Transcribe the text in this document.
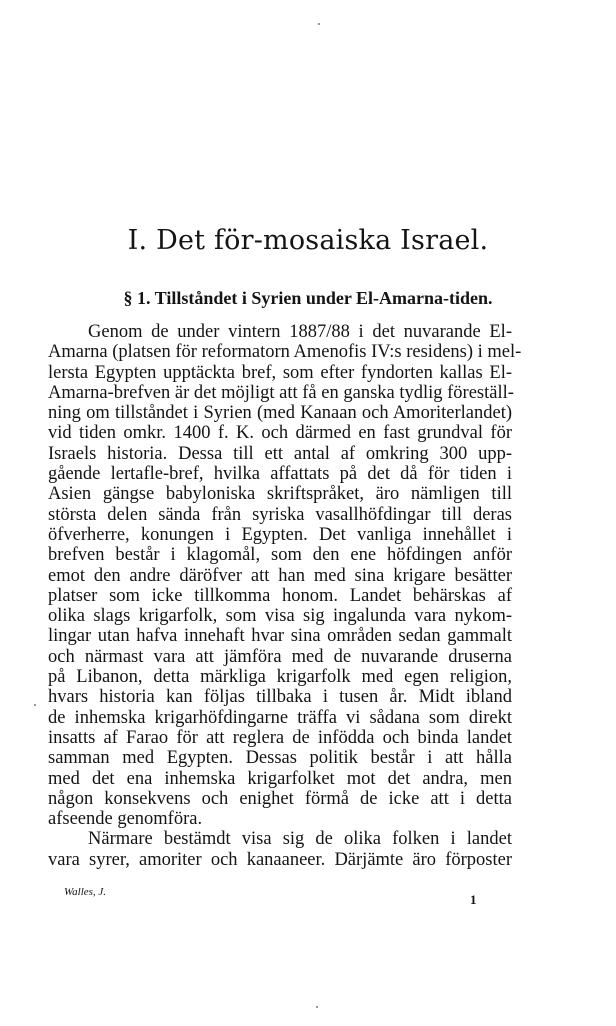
I. Det för-mosaiska Israel.
§ 1. Tillståndet i Syrien under El-Amarna-tiden.
Genom de under vintern 1887/88 i det nuvarande El-
Amarna (platsen för reformatorn Amenofis IV:s residens) i mel-
lersta Egypten upptäckta bref, som efter fyndorten kallas El-
Amarna-brefven är det möjligt att få en ganska tydlig föreställ-
ning om tillståndet i Syrien (med Kanaan och Amoriterlandet)
vid tiden omkr. 1400 f. K. och därmed en fast grundval för
Israels historia. Dessa till ett antal af omkring 300 upp-
gående lertafle-bref, hvilka affattats på det då för tiden i
Asien gängse babyloniska skriftspråket, äro nämligen till
största delen sända från syriska vasallhöfdingar till deras
öfverherre, konungen i Egypten. Det vanliga innehållet i
brefven består i klagomål, som den ene höfdingen anför
emot den andre däröfver att han med sina krigare besätter
platser som icke tillkomma honom. Landet behärskas af
olika slags krigarfolk, som visa sig ingalunda vara nykom-
lingar utan hafva innehaft hvar sina områden sedan gammalt
och närmast vara att jämföra med de nuvarande druserna
på Libanon, detta märkliga krigarfolk med egen religion,
hvars historia kan följas tillbaka i tusen år. Midt ibland
de inhemska krigarhöfdingarne träffa vi sådana som direkt
insatts af Farao för att reglera de infödda och binda landet
samman med Egypten. Dessas politik består i att hålla
med det ena inhemska krigarfolket mot det andra, men
någon konsekvens och enighet förmå de icke att i detta
afseende genomföra.
Närmare bestämdt visa sig de olika folken i landet
vara syrer, amoriter och kanaaneer. Därjämte äro förposter
Walles, J.	1
